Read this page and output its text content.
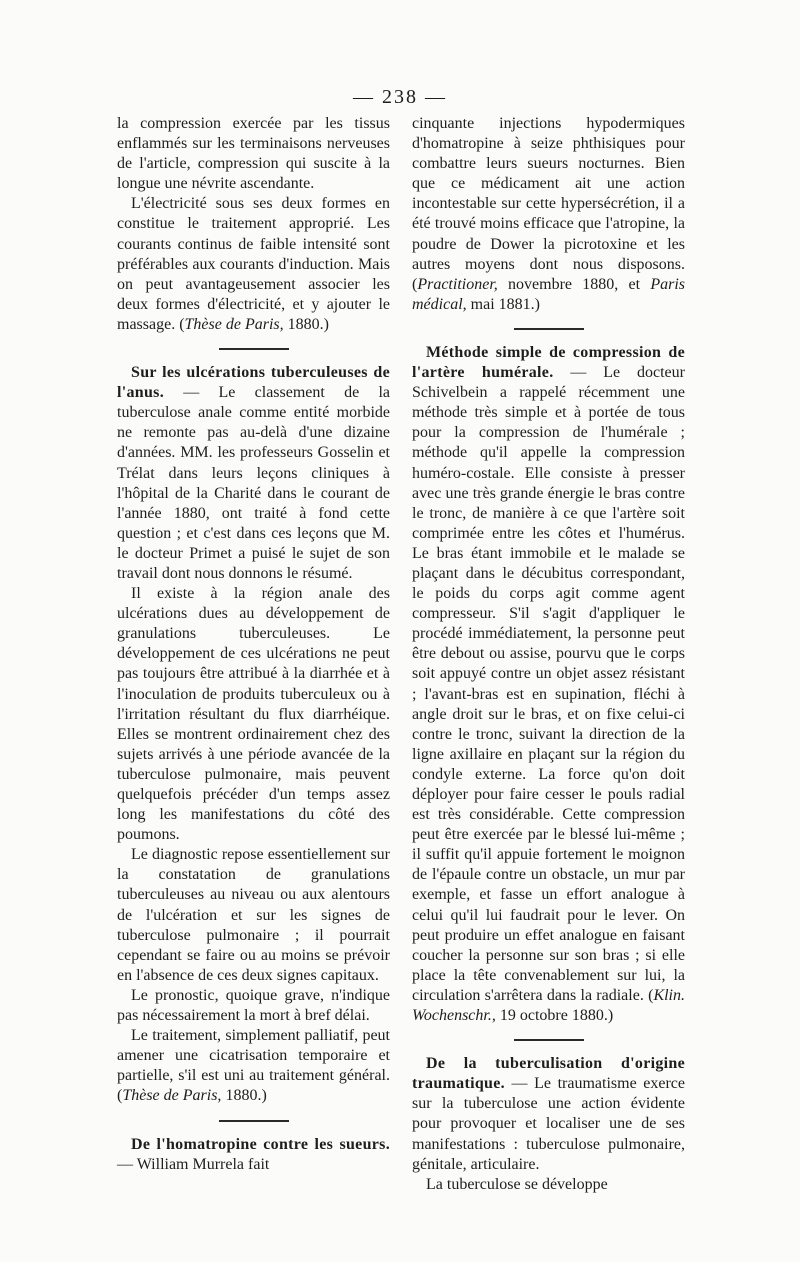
— 238 —

la compression exercée par les tissus enflammés sur les terminaisons nerveuses de l'article, compression qui suscite à la longue une névrite ascendante.

L'électricité sous ses deux formes en constitue le traitement approprié. Les courants continus de faible intensité sont préférables aux courants d'induction. Mais on peut avantageusement associer les deux formes d'électricité, et y ajouter le massage. (Thèse de Paris, 1880.)

Sur les ulcérations tuberculeuses de l'anus. — Le classement de la tuberculose anale comme entité morbide ne remonte pas au-delà d'une dizaine d'années. MM. les professeurs Gosselin et Trélat dans leurs leçons cliniques à l'hôpital de la Charité dans le courant de l'année 1880, ont traité à fond cette question ; et c'est dans ces leçons que M. le docteur Primet a puisé le sujet de son travail dont nous donnons le résumé.

Il existe à la région anale des ulcérations dues au développement de granulations tuberculeuses. Le développement de ces ulcérations ne peut pas toujours être attribué à la diarrhée et à l'inoculation de produits tuberculeux ou à l'irritation résultant du flux diarrhéique. Elles se montrent ordinairement chez des sujets arrivés à une période avancée de la tuberculose pulmonaire, mais peuvent quelquefois précéder d'un temps assez long les manifestations du côté des poumons.

Le diagnostic repose essentiellement sur la constatation de granulations tuberculeuses au niveau ou aux alentours de l'ulcération et sur les signes de tuberculose pulmonaire ; il pourrait cependant se faire ou au moins se prévoir en l'absence de ces deux signes capitaux.

Le pronostic, quoique grave, n'indique pas nécessairement la mort à bref délai.

Le traitement, simplement palliatif, peut amener une cicatrisation temporaire et partielle, s'il est uni au traitement général. (Thèse de Paris, 1880.)

De l'homatropine contre les sueurs. — William Murrela fait

cinquante injections hypodermiques d'homatropine à seize phthisiques pour combattre leurs sueurs nocturnes. Bien que ce médicament ait une action incontestable sur cette hypersécrétion, il a été trouvé moins efficace que l'atropine, la poudre de Dower la picrotoxine et les autres moyens dont nous disposons. (Practitioner, novembre 1880, et Paris médical, mai 1881.)

Méthode simple de compression de l'artère humérale. — Le docteur Schivelbein a rappelé récemment une méthode très simple et à portée de tous pour la compression de l'humérale ; méthode qu'il appelle la compression huméro-costale. Elle consiste à presser avec une très grande énergie le bras contre le tronc, de manière à ce que l'artère soit comprimée entre les côtes et l'humérus. Le bras étant immobile et le malade se plaçant dans le décubitus correspondant, le poids du corps agit comme agent compresseur. S'il s'agit d'appliquer le procédé immédiatement, la personne peut être debout ou assise, pourvu que le corps soit appuyé contre un objet assez résistant ; l'avant-bras est en supination, fléchi à angle droit sur le bras, et on fixe celui-ci contre le tronc, suivant la direction de la ligne axillaire en plaçant sur la région du condyle externe. La force qu'on doit déployer pour faire cesser le pouls radial est très considérable. Cette compression peut être exercée par le blessé lui-même ; il suffit qu'il appuie fortement le moignon de l'épaule contre un obstacle, un mur par exemple, et fasse un effort analogue à celui qu'il lui faudrait pour le lever. On peut produire un effet analogue en faisant coucher la personne sur son bras ; si elle place la tête convenablement sur lui, la circulation s'arrêtera dans la radiale. (Klin. Wochenschr., 19 octobre 1880.)

De la tuberculisation d'origine traumatique. — Le traumatisme exerce sur la tuberculose une action évidente pour provoquer et localiser une de ses manifestations : tuberculose pulmonaire, génitale, articulaire.

La tuberculose se développe
